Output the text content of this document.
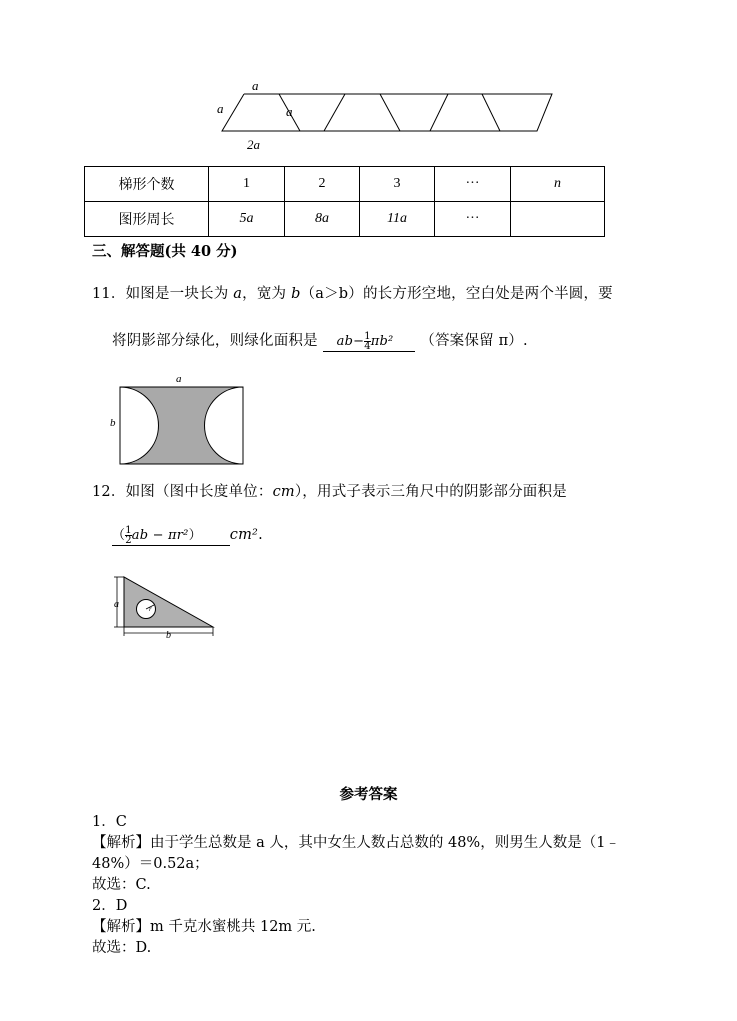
a
a	a
2a
梯形个数	1	2	3	···	n
图形周长	5a	8a	11a	···	
三、解答题(共 40 分)
11．如图是一块长为 a，宽为 b（a＞b）的长方形空地，空白处是两个半圆，要
将阴影部分绿化，则绿化面积是 $ab- \frac{1}{4} \pi b^2$ （答案保留 π）.
a
b
12．如图（图中长度单位：cm），用式子表示三角尺中的阴影部分面积是
（ $\frac{1}{2}$ ab − πr²） cm².
a	r
b
参考答案
1．C
【解析】由于学生总数是 a 人，其中女生人数占总数的 48%，则男生人数是（1﹣
48%）＝0.52a；
故选：C.
2．D
【解析】m 千克水蜜桃共 12m 元.
故选：D.
